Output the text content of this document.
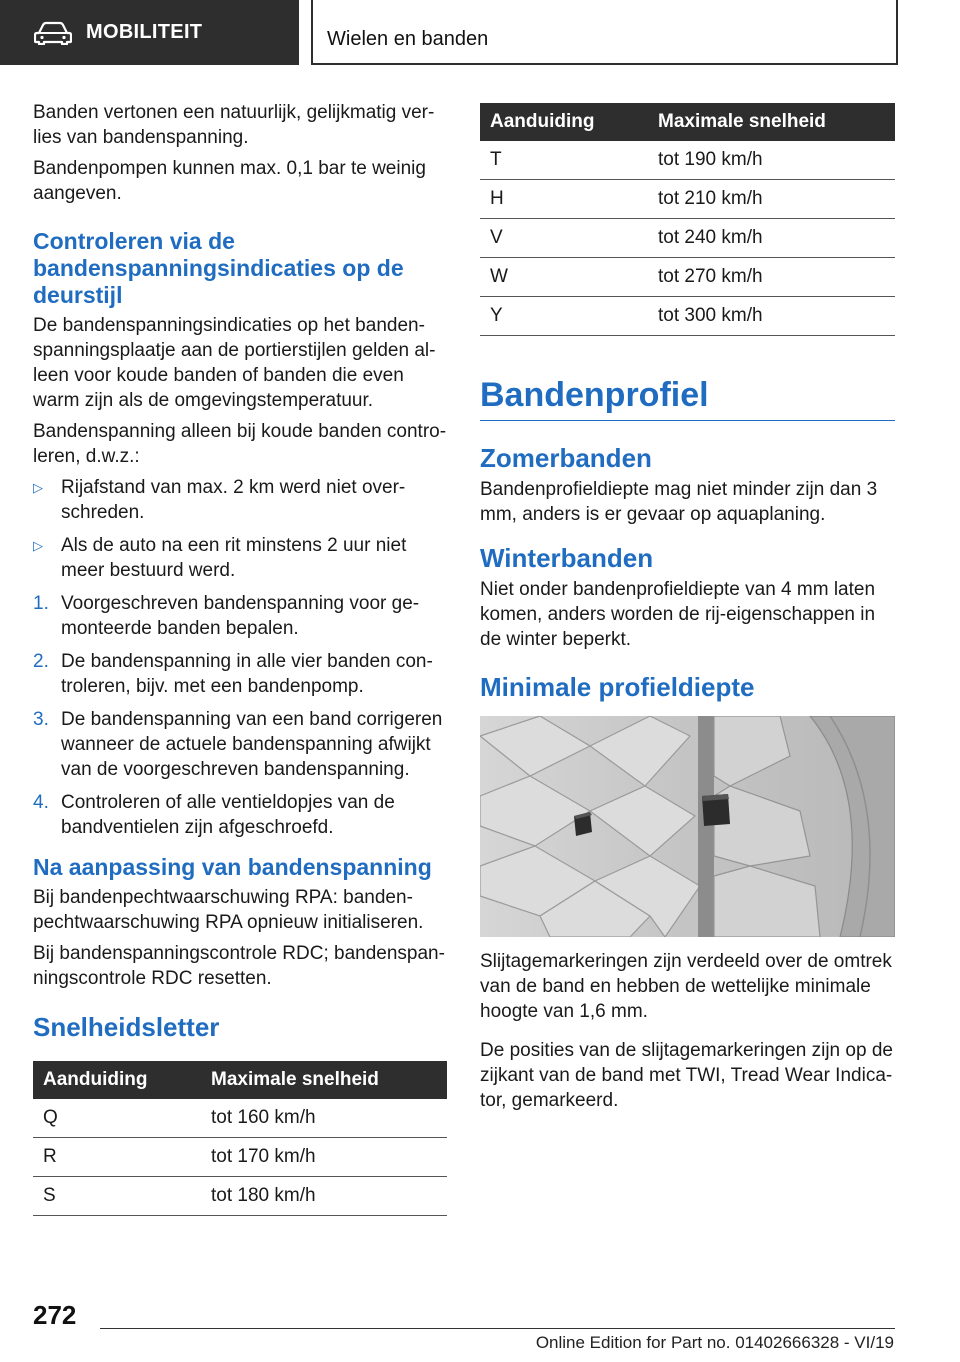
MOBILITEIT	Wielen en banden

Banden vertonen een natuurlijk, gelijkmatig verlies van bandenspanning.

Bandenpompen kunnen max. 0,1 bar te weinig aangeven.

Controleren via de bandenspanningsindicaties op de deurstijl

De bandenspanningsindicaties op het bandenspanningsplaatje aan de portierstijlen gelden alleen voor koude banden of banden die even warm zijn als de omgevingstemperatuur.

Bandenspanning alleen bij koude banden controleren, d.w.z.:

▷ Rijafstand van max. 2 km werd niet overschreden.
▷ Als de auto na een rit minstens 2 uur niet meer bestuurd werd.
1. Voorgeschreven bandenspanning voor gemonteerde banden bepalen.
2. De bandenspanning in alle vier banden controleren, bijv. met een bandenpomp.
3. De bandenspanning van een band corrigeren wanneer de actuele bandenspanning afwijkt van de voorgeschreven bandenspanning.
4. Controleren of alle ventieldopjes van de bandventielen zijn afgeschroefd.
Na aanpassing van bandenspanning

Bij bandenpechtwaarschuwing RPA: bandenpechtwaarschuwing RPA opnieuw initialiseren.

Bij bandenspanningscontrole RDC; bandenspanningscontrole RDC resetten.

Snelheidsletter
Aanduiding	Maximale snelheid
Q	tot 160 km/h
R	tot 170 km/h
S	tot 180 km/h
Aanduiding	Maximale snelheid
T	tot 190 km/h
H	tot 210 km/h
V	tot 240 km/h
W	tot 270 km/h
Y	tot 300 km/h
Bandenprofiel
Zomerbanden

Bandenprofieldiepte mag niet minder zijn dan 3 mm, anders is er gevaar op aquaplaning.

Winterbanden

Niet onder bandenprofieldiepte van 4 mm laten komen, anders worden de rij-eigenschappen in de winter beperkt.

Minimale profieldiepte

Slijtagemarkeringen zijn verdeeld over de omtrek van de band en hebben de wettelijke minimale hoogte van 1,6 mm.

De posities van de slijtagemarkeringen zijn op de zijkant van de band met TWI, Tread Wear Indicator, gemarkeerd.

272
Online Edition for Part no. 01402666328 - VI/19
